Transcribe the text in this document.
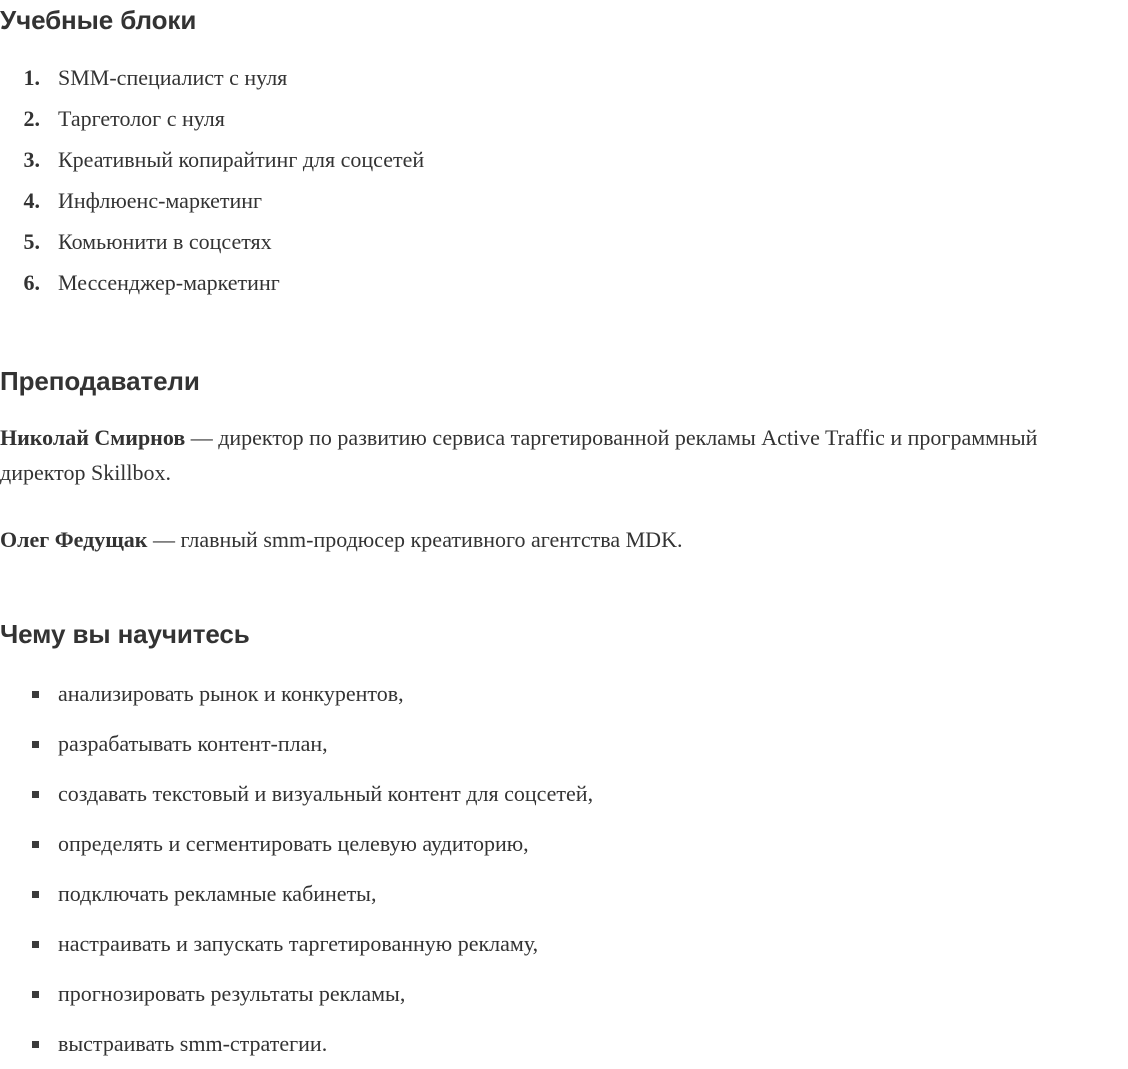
Учебные блоки
1. SMM-специалист с нуля
2. Таргетолог с нуля
3. Креативный копирайтинг для соцсетей
4. Инфлюенс-маркетинг
5. Комьюнити в соцсетях
6. Мессенджер-маркетинг
Преподаватели

Николай Смирнов — директор по развитию сервиса таргетированной рекламы Active Traffic и программный директор Skillbox.

Олег Федущак — главный smm-продюсер креативного агентства MDK.

Чему вы научитесь
анализировать рынок и конкурентов,
разрабатывать контент-план,
создавать текстовый и визуальный контент для соцсетей,
определять и сегментировать целевую аудиторию,
подключать рекламные кабинеты,
настраивать и запускать таргетированную рекламу,
прогнозировать результаты рекламы,
выстраивать smm-стратегии.
